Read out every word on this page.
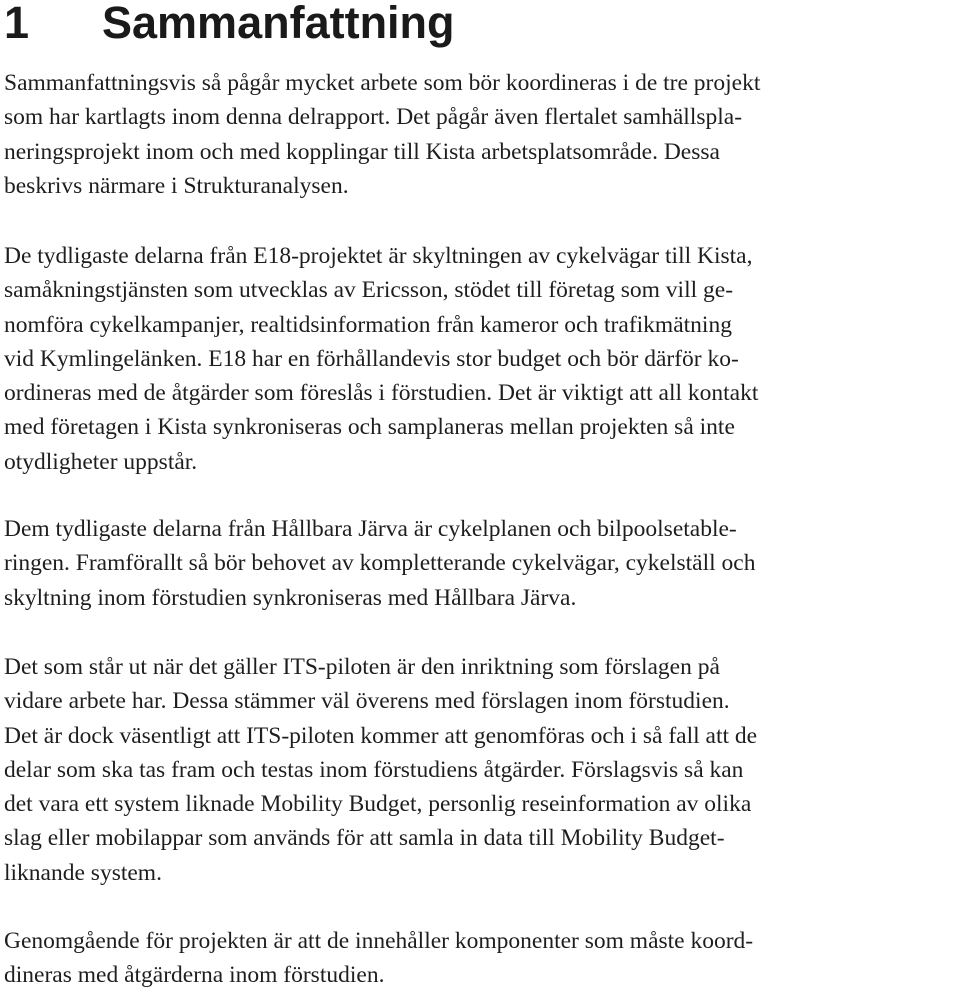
1 Sammanfattning
Sammanfattningsvis så pågår mycket arbete som bör koordineras i de tre projekt
som har kartlagts inom denna delrapport. Det pågår även flertalet samhällspla-
neringsprojekt inom och med kopplingar till Kista arbetsplatsområde. Dessa
beskrivs närmare i Strukturanalysen.
De tydligaste delarna från E18-projektet är skyltningen av cykelvägar till Kista,
samåkningstjänsten som utvecklas av Ericsson, stödet till företag som vill ge-
nomföra cykelkampanjer, realtidsinformation från kameror och trafikmätning
vid Kymlingelänken. E18 har en förhållandevis stor budget och bör därför ko-
ordineras med de åtgärder som föreslås i förstudien. Det är viktigt att all kontakt
med företagen i Kista synkroniseras och samplaneras mellan projekten så inte
otydligheter uppstår.
Dem tydligaste delarna från Hållbara Järva är cykelplanen och bilpoolsetable-
ringen. Framförallt så bör behovet av kompletterande cykelvägar, cykelställ och
skyltning inom förstudien synkroniseras med Hållbara Järva.
Det som står ut när det gäller ITS-piloten är den inriktning som förslagen på
vidare arbete har. Dessa stämmer väl överens med förslagen inom förstudien.
Det är dock väsentligt att ITS-piloten kommer att genomföras och i så fall att de
delar som ska tas fram och testas inom förstudiens åtgärder. Förslagsvis så kan
det vara ett system liknade Mobility Budget, personlig reseinformation av olika
slag eller mobilappar som används för att samla in data till Mobility Budget-
liknande system.
Genomgående för projekten är att de innehåller komponenter som måste koord-
dineras med åtgärderna inom förstudien.
